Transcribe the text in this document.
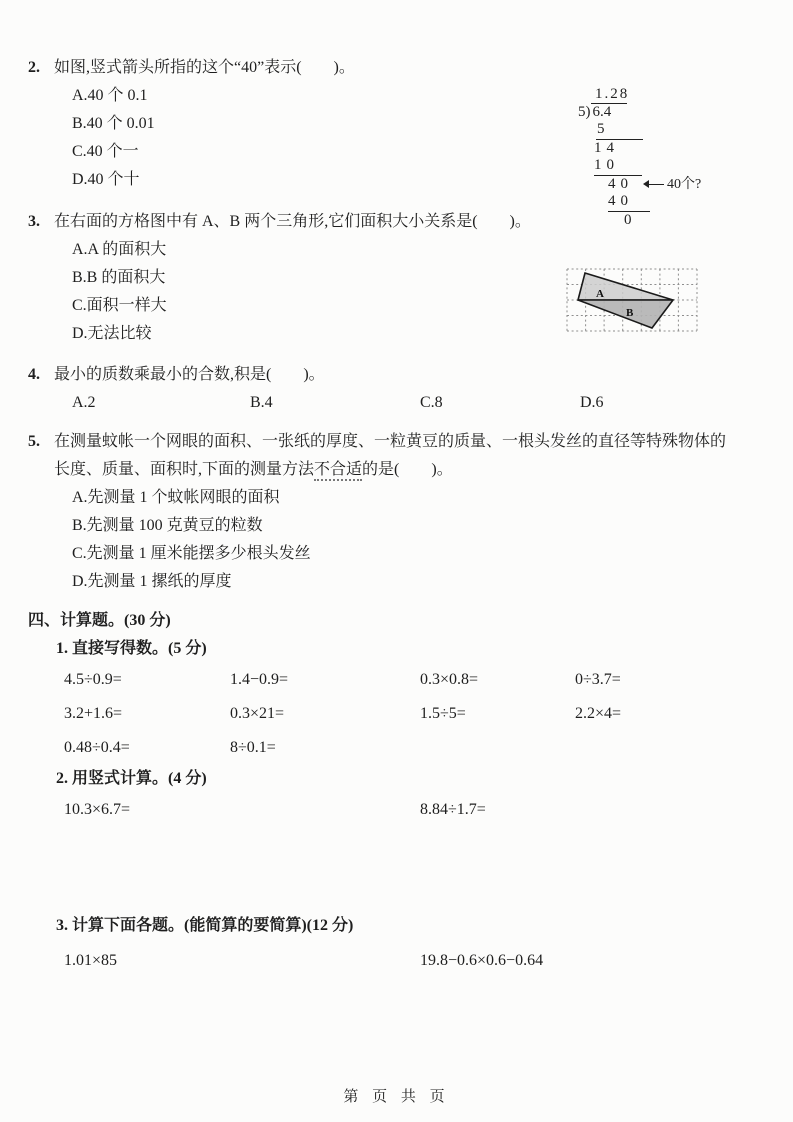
2. 如图,竖式箭头所指的这个“40”表示(　　)。
A.40 个 0.1
B.40 个 0.01
C.40 个一
D.40 个十
3. 在右面的方格图中有 A、B 两个三角形,它们面积大小关系是(　　)。
A.A 的面积大
B.B 的面积大
C.面积一样大
D.无法比较
4. 最小的质数乘最小的合数,积是(　　)。
A.2	B.4	C.8	D.6
5. 在测量蚊帐一个网眼的面积、一张纸的厚度、一粒黄豆的质量、一根头发丝的直径等特殊物体的长度、质量、面积时,下面的测量方法不合适的是(　　)。
A.先测量 1 个蚊帐网眼的面积
B.先测量 100 克黄豆的粒数
C.先测量 1 厘米能摆多少根头发丝
D.先测量 1 摞纸的厚度
四、计算题。(30 分)
1. 直接写得数。(5 分)
4.5÷0.9=	1.4−0.9=	0.3×0.8=	0÷3.7=
3.2+1.6=	0.3×21=	1.5÷5=	2.2×4=
0.48÷0.4=	8÷0.1=
2. 用竖式计算。(4 分)
10.3×6.7=	8.84÷1.7=
3. 计算下面各题。(能简算的要简算)(12 分)
1.01×85	19.8−0.6×0.6−0.64
1.28
5) 6.4
5
14
10
40	40个?
40
0
A
B
第 页 共 页
